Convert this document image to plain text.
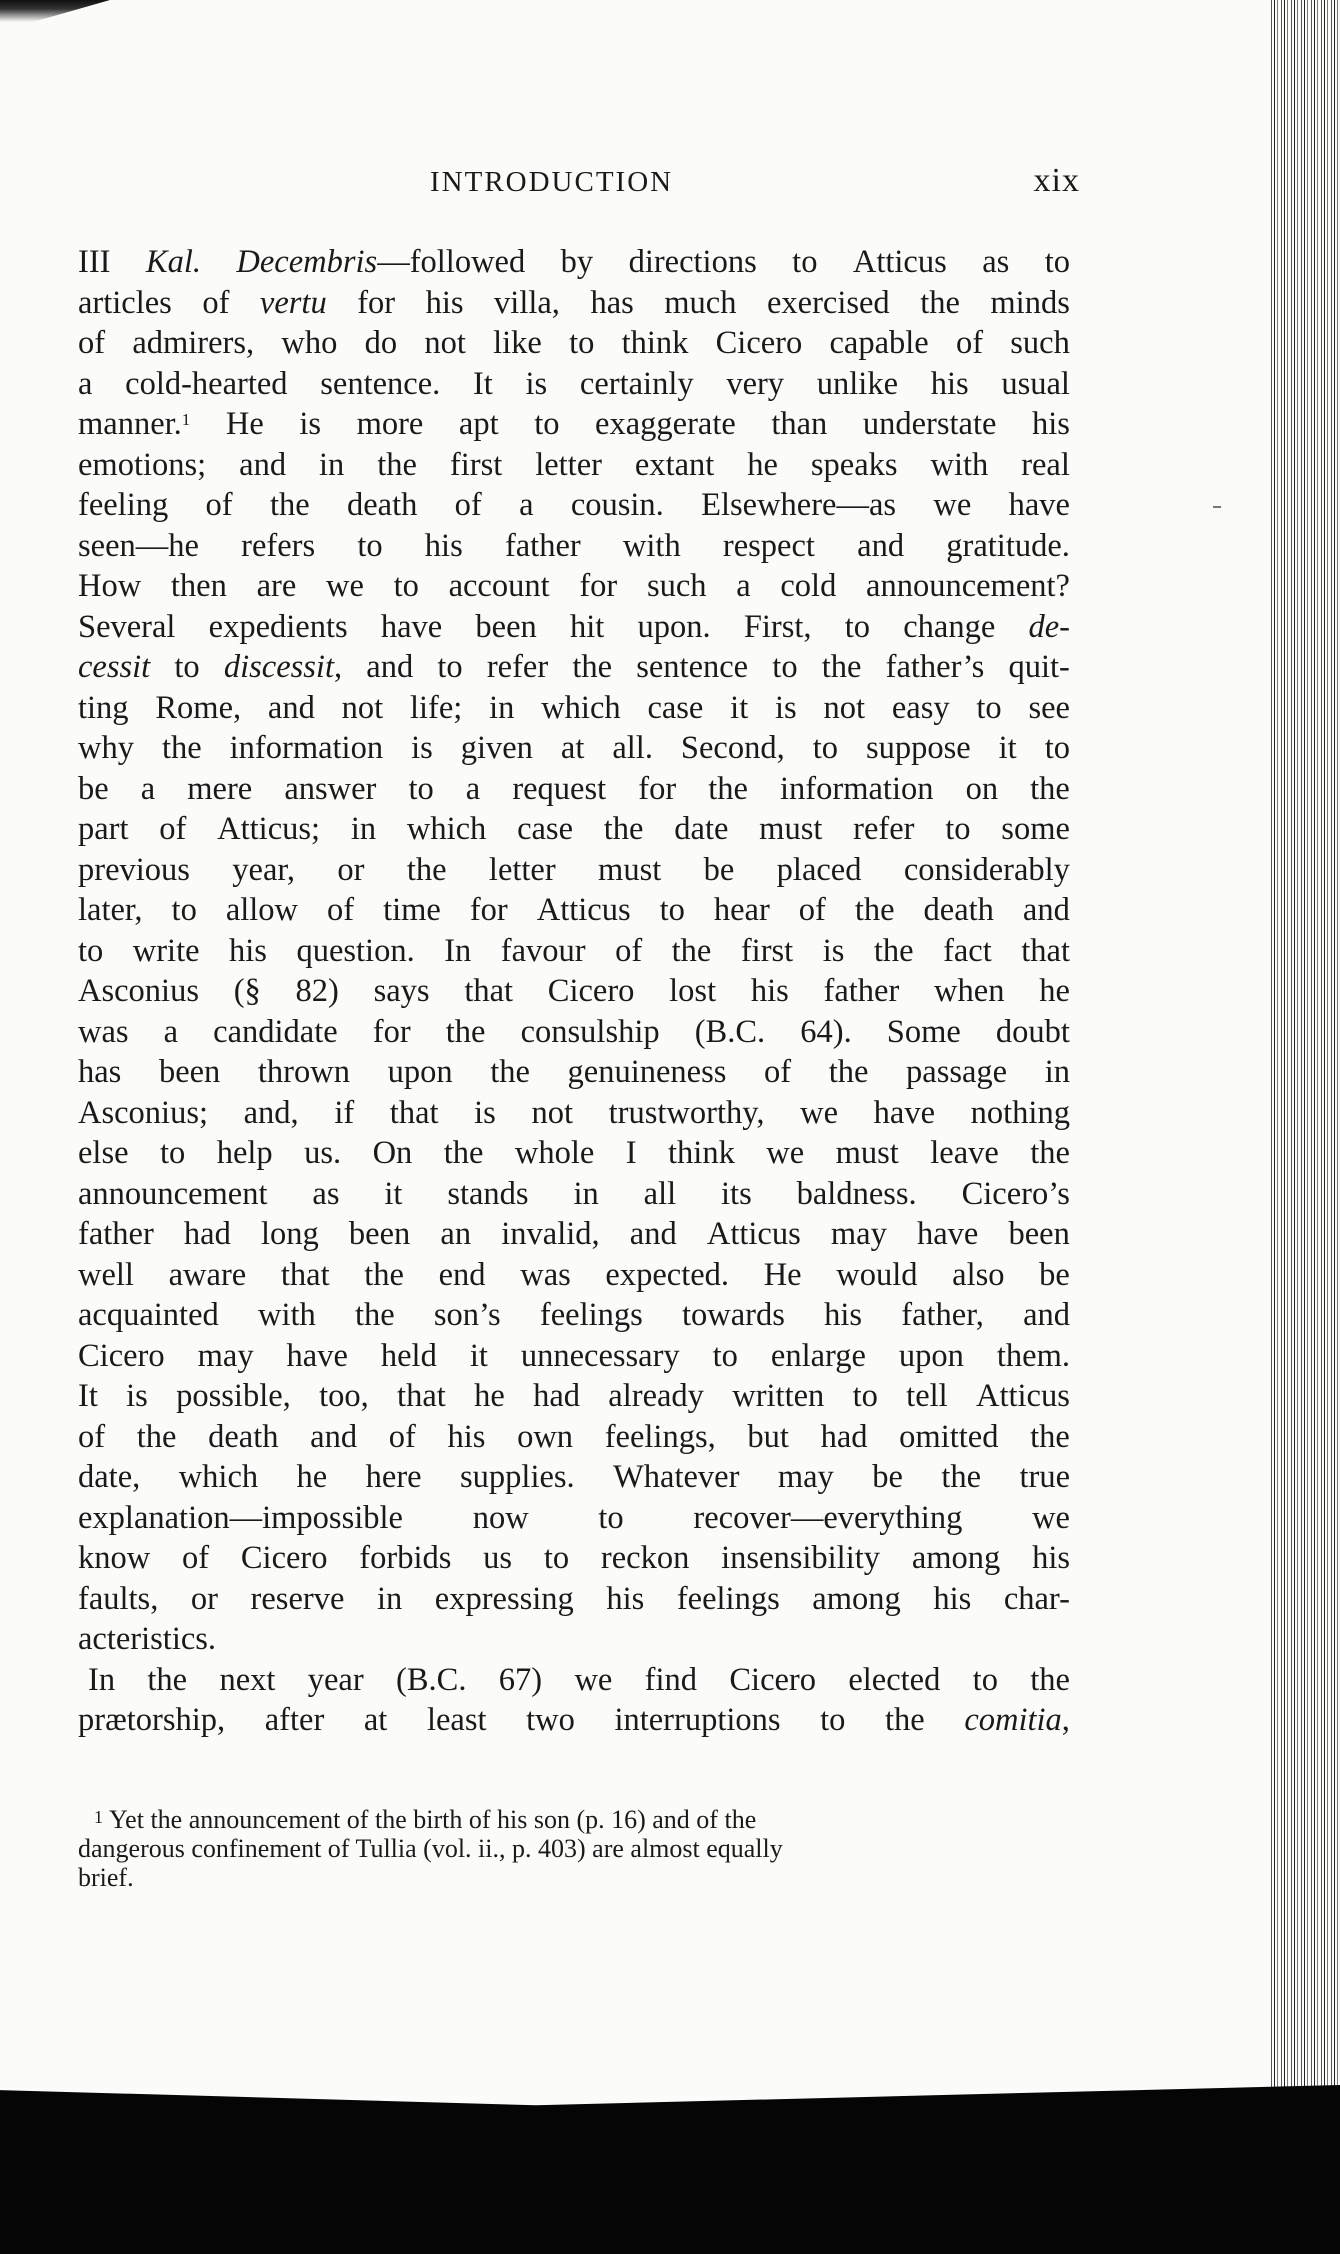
INTRODUCTION	xix
III Kal. Decembris—followed by directions to Atticus as to
articles of vertu for his villa, has much exercised the minds
of admirers, who do not like to think Cicero capable of such
a cold-hearted sentence. It is certainly very unlike his usual
manner.$^1$ He is more apt to exaggerate than understate his
emotions; and in the first letter extant he speaks with real
feeling of the death of a cousin. Elsewhere—as we have
seen—he refers to his father with respect and gratitude.
How then are we to account for such a cold announcement?
Several expedients have been hit upon. First, to change de-
cessit to discessit, and to refer the sentence to the father’s quit-
ting Rome, and not life; in which case it is not easy to see
why the information is given at all. Second, to suppose it to
be a mere answer to a request for the information on the
part of Atticus; in which case the date must refer to some
previous year, or the letter must be placed considerably
later, to allow of time for Atticus to hear of the death and
to write his question. In favour of the first is the fact that
Asconius (§ 82) says that Cicero lost his father when he
was a candidate for the consulship (B.C. 64). Some doubt
has been thrown upon the genuineness of the passage in
Asconius; and, if that is not trustworthy, we have nothing
else to help us. On the whole I think we must leave the
announcement as it stands in all its baldness. Cicero’s
father had long been an invalid, and Atticus may have been
well aware that the end was expected. He would also be
acquainted with the son’s feelings towards his father, and
Cicero may have held it unnecessary to enlarge upon them.
It is possible, too, that he had already written to tell Atticus
of the death and of his own feelings, but had omitted the
date, which he here supplies. Whatever may be the true
explanation—impossible now to recover—everything we
know of Cicero forbids us to reckon insensibility among his
faults, or reserve in expressing his feelings among his char-
acteristics.
In the next year (B.C. 67) we find Cicero elected to the
prætorship, after at least two interruptions to the comitia,
$^1$ Yet the announcement of the birth of his son (p. 16) and of the
dangerous confinement of Tullia (vol. ii., p. 403) are almost equally
brief.
